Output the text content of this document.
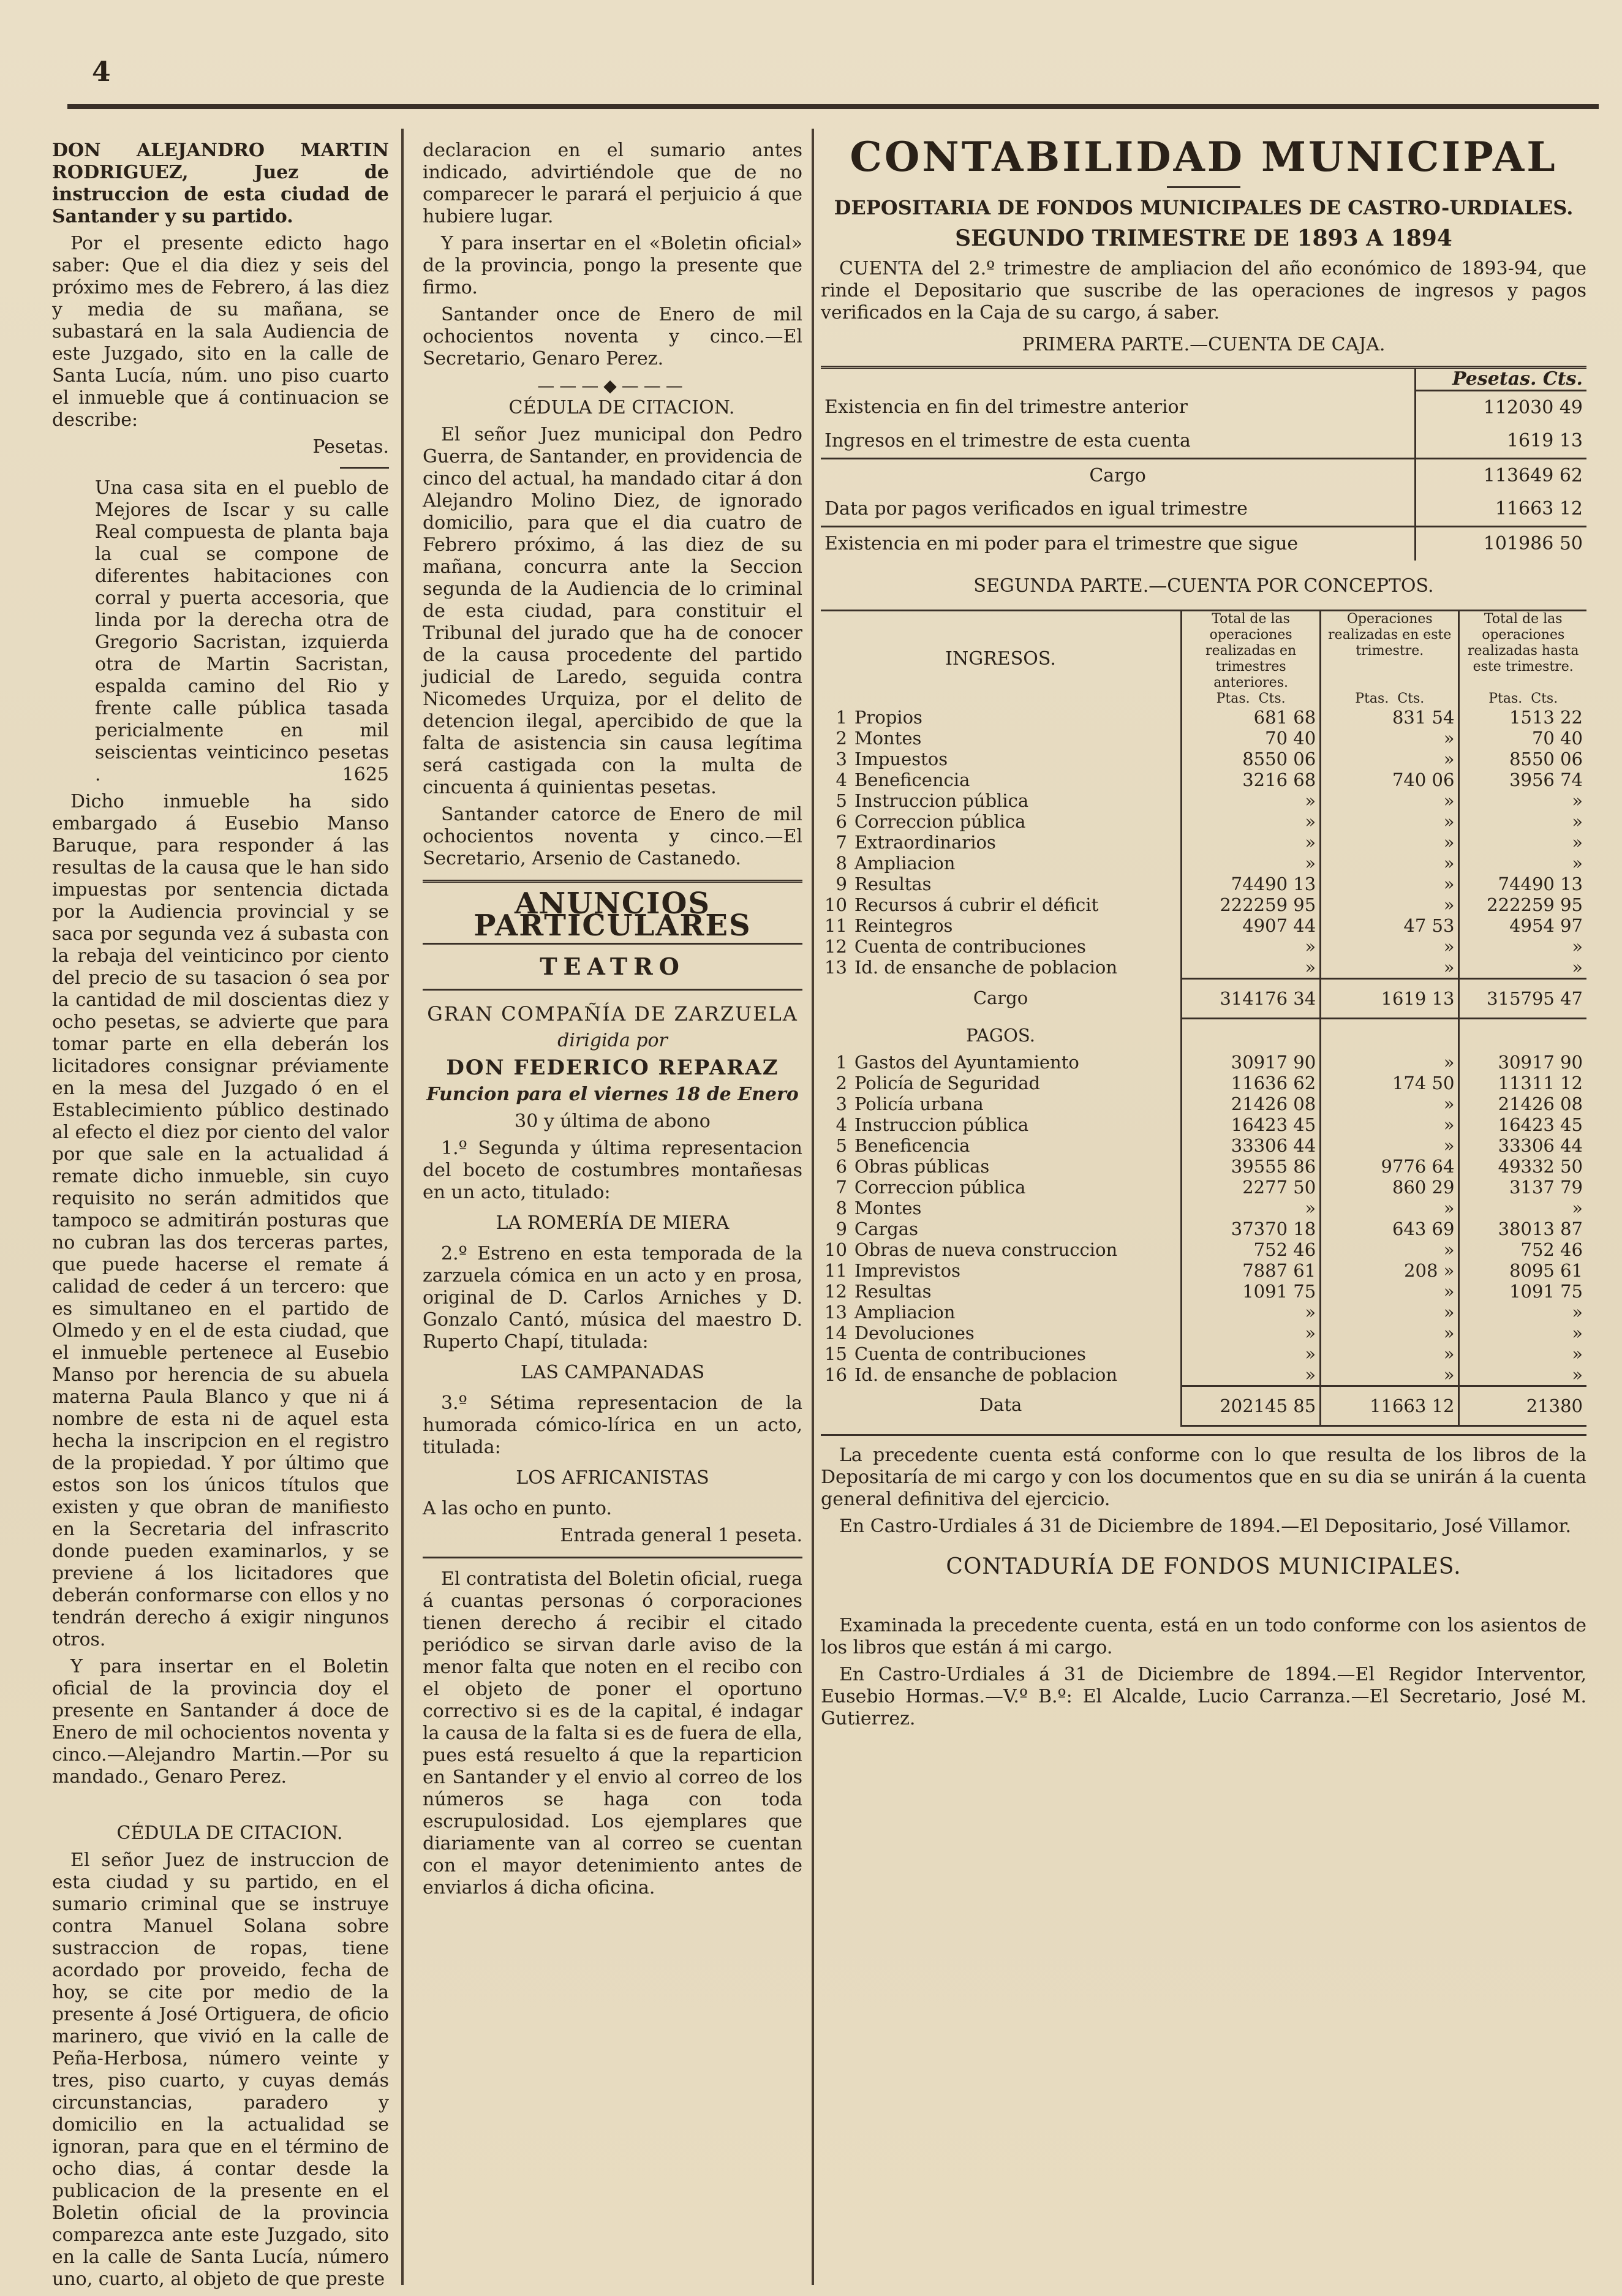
4

DON ALEJANDRO MARTIN RODRIGUEZ, Juez de instruccion de esta ciudad de Santander y su partido.

Por el presente edicto hago saber: Que el dia diez y seis del próximo mes de Febrero, á las diez y media de su mañana, se subastará en la sala Audiencia de este Juzgado, sito en la calle de Santa Lucía, núm. uno piso cuarto el inmueble que á continuacion se describe:

Pesetas.

Una casa sita en el pueblo de Mejores de Iscar y su calle Real compuesta de planta baja la cual se compone de diferentes habitaciones con corral y puerta accesoria, que linda por la derecha otra de Gregorio Sacristan, izquierda otra de Martin Sacristan, espalda camino del Rio y frente calle pública tasada pericialmente en mil seiscientas veinticinco pesetas .	1625

Dicho inmueble ha sido embargado á Eusebio Manso Baruque, para responder á las resultas de la causa que le han sido impuestas por sentencia dictada por la Audiencia provincial y se saca por segunda vez á subasta con la rebaja del veinticinco por ciento del precio de su tasacion ó sea por la cantidad de mil doscientas diez y ocho pesetas, se advierte que para tomar parte en ella deberán los licitadores consignar préviamente en la mesa del Juzgado ó en el Establecimiento público destinado al efecto el diez por ciento del valor por que sale en la actualidad á remate dicho inmueble, sin cuyo requisito no serán admitidos que tampoco se admitirán posturas que no cubran las dos terceras partes, que puede hacerse el remate á calidad de ceder á un tercero: que es simultaneo en el partido de Olmedo y en el de esta ciudad, que el inmueble pertenece al Eusebio Manso por herencia de su abuela materna Paula Blanco y que ni á nombre de esta ni de aquel esta hecha la inscripcion en el registro de la propiedad. Y por último que estos son los únicos títulos que existen y que obran de manifiesto en la Secretaria del infrascrito donde pueden examinarlos, y se previene á los licitadores que deberán conformarse con ellos y no tendrán derecho á exigir ningunos otros.

Y para insertar en el Boletin oficial de la provincia doy el presente en Santander á doce de Enero de mil ochocientos noventa y cinco.—Alejandro Martin.—Por su mandado., Genaro Perez.

CÉDULA DE CITACION.

El señor Juez de instruccion de esta ciudad y su partido, en el sumario criminal que se instruye contra Manuel Solana sobre sustraccion de ropas, tiene acordado por proveido, fecha de hoy, se cite por medio de la presente á José Ortiguera, de oficio marinero, que vivió en la calle de Peña-Herbosa, número veinte y tres, piso cuarto, y cuyas demás circunstancias, paradero y domicilio en la actualidad se ignoran, para que en el término de ocho dias, á contar desde la publicacion de la presente en el Boletin oficial de la provincia comparezca ante este Juzgado, sito en la calle de Santa Lucía, número uno, cuarto, al objeto de que preste

declaracion en el sumario antes indicado, advirtiéndole que de no comparecer le parará el perjuicio á que hubiere lugar.

Y para insertar en el «Boletin oficial» de la provincia, pongo la presente que firmo.

Santander once de Enero de mil ochocientos noventa y cinco.—El Secretario, Genaro Perez.

———◆———

CÉDULA DE CITACION.

El señor Juez municipal don Pedro Guerra, de Santander, en providencia de cinco del actual, ha mandado citar á don Alejandro Molino Diez, de ignorado domicilio, para que el dia cuatro de Febrero próximo, á las diez de su mañana, concurra ante la Seccion segunda de la Audiencia de lo criminal de esta ciudad, para constituir el Tribunal del jurado que ha de conocer de la causa procedente del partido judicial de Laredo, seguida contra Nicomedes Urquiza, por el delito de detencion ilegal, apercibido de que la falta de asistencia sin causa legítima será castigada con la multa de cincuenta á quinientas pesetas.

Santander catorce de Enero de mil ochocientos noventa y cinco.—El Secretario, Arsenio de Castanedo.

ANUNCIOS PARTICULARES
TEATRO

GRAN COMPAÑÍA DE ZARZUELA

dirigida por

DON FEDERICO REPARAZ

Funcion para el viernes 18 de Enero

30 y última de abono

1.º Segunda y última representacion del boceto de costumbres montañesas en un acto, titulado:

LA ROMERÍA DE MIERA

2.º Estreno en esta temporada de la zarzuela cómica en un acto y en prosa, original de D. Carlos Arniches y D. Gonzalo Cantó, música del maestro D. Ruperto Chapí, titulada:

LAS CAMPANADAS

3.º Sétima representacion de la humorada cómico-lírica en un acto, titulada:

LOS AFRICANISTAS

A las ocho en punto.

Entrada general 1 peseta.

El contratista del Boletin oficial, ruega á cuantas personas ó corporaciones tienen derecho á recibir el citado periódico se sirvan darle aviso de la menor falta que noten en el recibo con el objeto de poner el oportuno correctivo si es de la capital, é indagar la causa de la falta si es de fuera de ella, pues está resuelto á que la reparticion en Santander y el envio al correo de los números se haga con toda escrupulosidad. Los ejemplares que diariamente van al correo se cuentan con el mayor detenimiento antes de enviarlos á dicha oficina.

CONTABILIDAD MUNICIPAL
DEPOSITARIA DE FONDOS MUNICIPALES DE CASTRO-URDIALES.
SEGUNDO TRIMESTRE DE 1893 A 1894

CUENTA del 2.º trimestre de ampliacion del año económico de 1893-94, que rinde el Depositario que suscribe de las operaciones de ingresos y pagos verificados en la Caja de su cargo, á saber.

PRIMERA PARTE.—CUENTA DE CAJA.

	Pesetas. Cts.
Existencia en fin del trimestre anterior	112030 49
Ingresos en el trimestre de esta cuenta	1619 13
Cargo	113649 62
Data por pagos verificados en igual trimestre	11663 12
Existencia en mi poder para el trimestre que sigue	101986 50

SEGUNDA PARTE.—CUENTA POR CONCEPTOS.

INGRESOS.		Total de las operaciones realizadas en trimestres anteriores.	Operaciones realizadas en este trimestre.	Total de las operaciones realizadas hasta este trimestre.
		Ptas. Cts.	Ptas. Cts.	Ptas. Cts.
1	Propios	681 68	831 54	1513 22
2	Montes	70 40	»	70 40
3	Impuestos	8550 06	»	8550 06
4	Beneficencia	3216 68	740 06	3956 74
5	Instruccion pública	»	»	»
6	Correccion pública	»	»	»
7	Extraordinarios	»	»	»
8	Ampliacion	»	»	»
9	Resultas	74490 13	»	74490 13
10	Recursos á cubrir el déficit	222259 95	»	222259 95
11	Reintegros	4907 44	47 53	4954 97
12	Cuenta de contribuciones	»	»	»
13	Id. de ensanche de poblacion	»	»	»
Cargo		314176 34	1619 13	315795 47
PAGOS.				
1	Gastos del Ayuntamiento	30917 90	»	30917 90
2	Policía de Seguridad	11636 62	174 50	11311 12
3	Policía urbana	21426 08	»	21426 08
4	Instruccion pública	16423 45	»	16423 45
5	Beneficencia	33306 44	»	33306 44
6	Obras públicas	39555 86	9776 64	49332 50
7	Correccion pública	2277 50	860 29	3137 79
8	Montes	»	»	»
9	Cargas	37370 18	643 69	38013 87
10	Obras de nueva construccion	752 46	»	752 46
11	Imprevistos	7887 61	208 »	8095 61
12	Resultas	1091 75	»	1091 75
13	Ampliacion	»	»	»
14	Devoluciones	»	»	»
15	Cuenta de contribuciones	»	»	»
16	Id. de ensanche de poblacion	»	»	»
Data		202145 85	11663 12	21380

La precedente cuenta está conforme con lo que resulta de los libros de la Depositaría de mi cargo y con los documentos que en su dia se unirán á la cuenta general definitiva del ejercicio.

En Castro-Urdiales á 31 de Diciembre de 1894.—El Depositario, José Villamor.

CONTADURÍA DE FONDOS MUNICIPALES.

Examinada la precedente cuenta, está en un todo conforme con los asientos de los libros que están á mi cargo.

En Castro-Urdiales á 31 de Diciembre de 1894.—El Regidor Interventor, Eusebio Hormas.—V.º B.º: El Alcalde, Lucio Carranza.—El Secretario, José M. Gutierrez.
